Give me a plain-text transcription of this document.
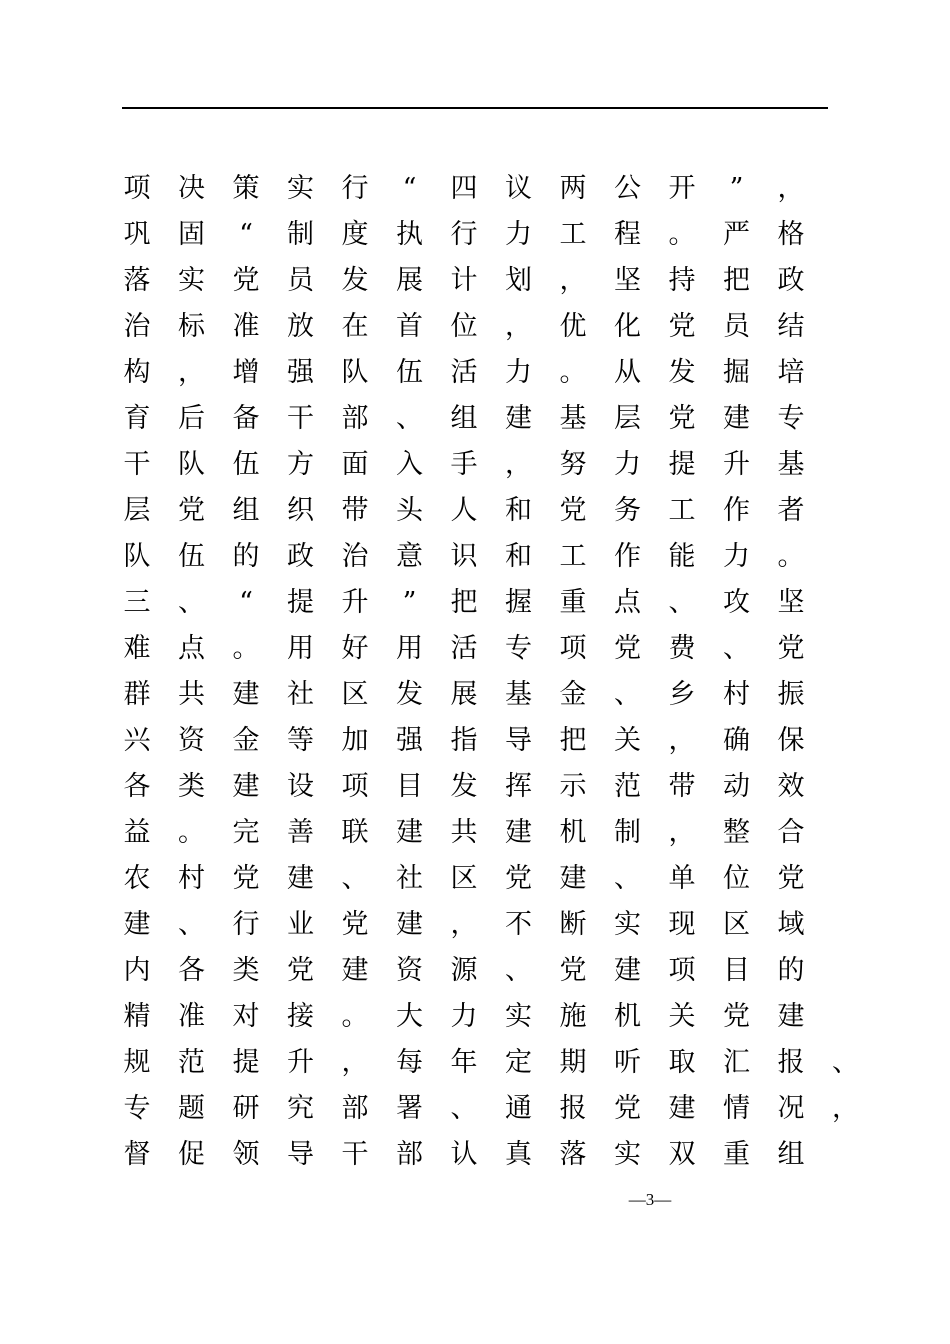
项 决 策 实 行 “ 四 议 两 公 开 ” ，
巩 固 “ 制 度 执 行 力 工 程 。 严 格
落 实 党 员 发 展 计 划 ， 坚 持 把 政
治 标 准 放 在 首 位 ， 优 化 党 员 结
构 ， 增 强 队 伍 活 力 。 从 发 掘 培
育 后 备 干 部 、 组 建 基 层 党 建 专
干 队 伍 方 面 入 手 ， 努 力 提 升 基
层 党 组 织 带 头 人 和 党 务 工 作 者
队 伍 的 政 治 意 识 和 工 作 能 力 。
三 、 “ 提 升 ” 把 握 重 点 、 攻 坚
难 点 。 用 好 用 活 专 项 党 费 、 党
群 共 建 社 区 发 展 基 金 、 乡 村 振
兴 资 金 等 加 强 指 导 把 关 ， 确 保
各 类 建 设 项 目 发 挥 示 范 带 动 效
益 。 完 善 联 建 共 建 机 制 ， 整 合
农 村 党 建 、 社 区 党 建 、 单 位 党
建 、 行 业 党 建 ， 不 断 实 现 区 域
内 各 类 党 建 资 源 、 党 建 项 目 的
精 准 对 接 。 大 力 实 施 机 关 党 建
规 范 提 升 ， 每 年 定 期 听 取 汇 报 、
专 题 研 究 部 署 、 通 报 党 建 情 况 ，
督 促 领 导 干 部 认 真 落 实 双 重 组
—3—
